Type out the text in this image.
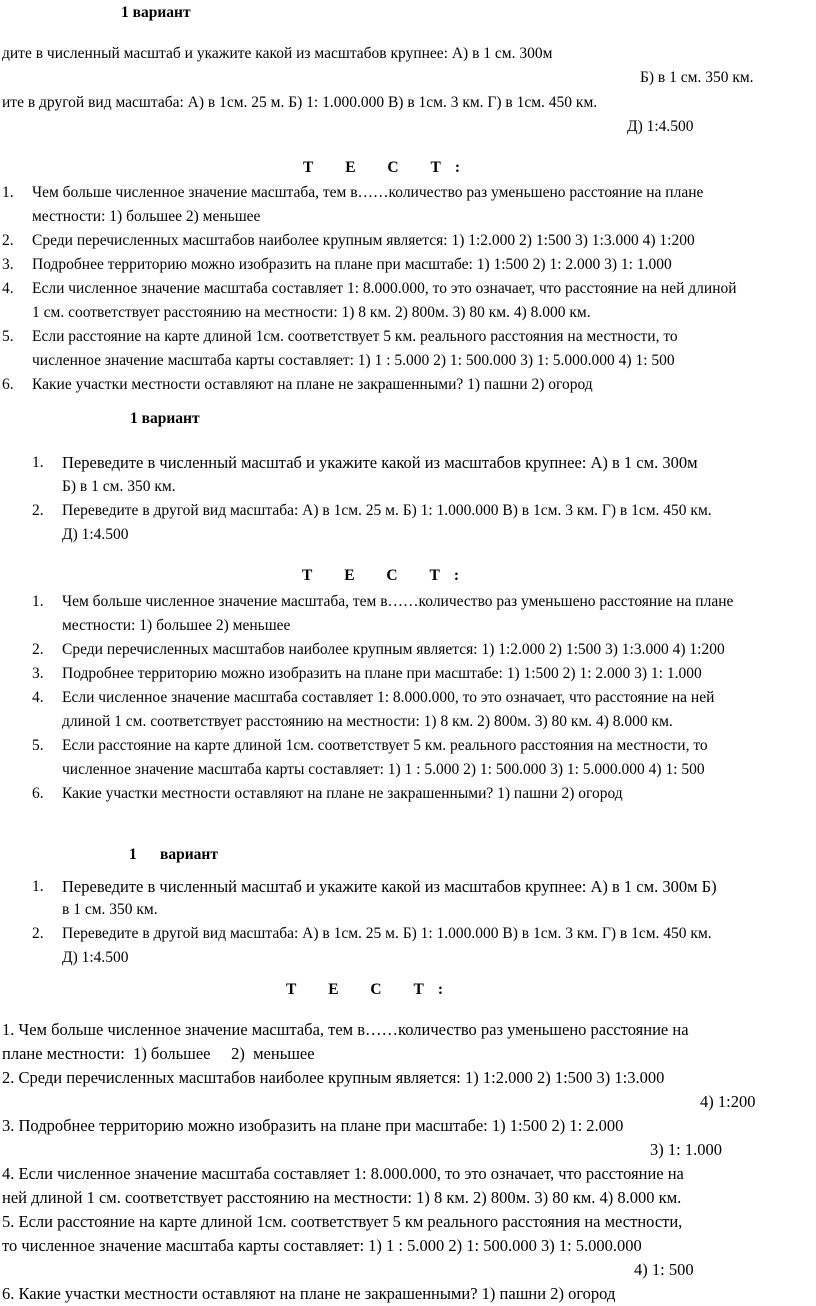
1 вариант
дите в численный масштаб и укажите какой из масштабов крупнее: А) в 1 см. 300м
Б) в 1 см. 350 км.
ите в другой вид масштаба: А) в 1см. 25 м. Б) 1: 1.000.000 В) в 1см. 3 км. Г) в 1см. 450 км.
Д) 1:4.500
Т Е С Т:
1. Чем больше численное значение масштаба, тем в……количество раз уменьшено расстояние на плане
местности: 1) большее 2) меньшее
2. Среди перечисленных масштабов наиболее крупным является: 1) 1:2.000 2) 1:500 3) 1:3.000 4) 1:200
3. Подробнее территорию можно изобразить на плане при масштабе: 1) 1:500 2) 1: 2.000 3) 1: 1.000
4. Если численное значение масштаба составляет 1: 8.000.000, то это означает, что расстояние на ней длиной
1 см. соответствует расстоянию на местности: 1) 8 км. 2) 800м. 3) 80 км. 4) 8.000 км.
5. Если расстояние на карте длиной 1см. соответствует 5 км. реального расстояния на местности, то
численное значение масштаба карты составляет: 1) 1 : 5.000 2) 1: 500.000 3) 1: 5.000.000 4) 1: 500
6. Какие участки местности оставляют на плане не закрашенными? 1) пашни 2) огород
1 вариант
1. Переведите в численный масштаб и укажите какой из масштабов крупнее: А) в 1 см. 300м
Б) в 1 см. 350 км.
2. Переведите в другой вид масштаба: А) в 1см. 25 м. Б) 1: 1.000.000 В) в 1см. 3 км. Г) в 1см. 450 км.
Д) 1:4.500
Т Е С Т:
1. Чем больше численное значение масштаба, тем в……количество раз уменьшено расстояние на плане
местности: 1) большее 2) меньшее
2. Среди перечисленных масштабов наиболее крупным является: 1) 1:2.000 2) 1:500 3) 1:3.000 4) 1:200
3. Подробнее территорию можно изобразить на плане при масштабе: 1) 1:500 2) 1: 2.000 3) 1: 1.000
4. Если численное значение масштаба составляет 1: 8.000.000, то это означает, что расстояние на ней
длиной 1 см. соответствует расстоянию на местности: 1) 8 км. 2) 800м. 3) 80 км. 4) 8.000 км.
5. Если расстояние на карте длиной 1см. соответствует 5 км. реального расстояния на местности, то
численное значение масштаба карты составляет: 1) 1 : 5.000 2) 1: 500.000 3) 1: 5.000.000 4) 1: 500
6. Какие участки местности оставляют на плане не закрашенными? 1) пашни 2) огород
1      вариант
1. Переведите в численный масштаб и укажите какой из масштабов крупнее: А) в 1 см. 300м Б)
в 1 см. 350 км.
2. Переведите в другой вид масштаба: А) в 1см. 25 м. Б) 1: 1.000.000 В) в 1см. 3 км. Г) в 1см. 450 км.
Д) 1:4.500
Т Е С Т:
1. Чем больше численное значение масштаба, тем в……количество раз уменьшено расстояние на
плане местности:  1) большее     2)  меньшее
2. Среди перечисленных масштабов наиболее крупным является: 1) 1:2.000 2) 1:500 3) 1:3.000
4) 1:200
3. Подробнее территорию можно изобразить на плане при масштабе: 1) 1:500 2) 1: 2.000
3) 1: 1.000
4. Если численное значение масштаба составляет 1: 8.000.000, то это означает, что расстояние на
ней длиной 1 см. соответствует расстоянию на местности: 1) 8 км. 2) 800м. 3) 80 км. 4) 8.000 км.
5. Если расстояние на карте длиной 1см. соответствует 5 км реального расстояния на местности,
то численное значение масштаба карты составляет: 1) 1 : 5.000 2) 1: 500.000 3) 1: 5.000.000
4) 1: 500
6. Какие участки местности оставляют на плане не закрашенными? 1) пашни 2) огород
